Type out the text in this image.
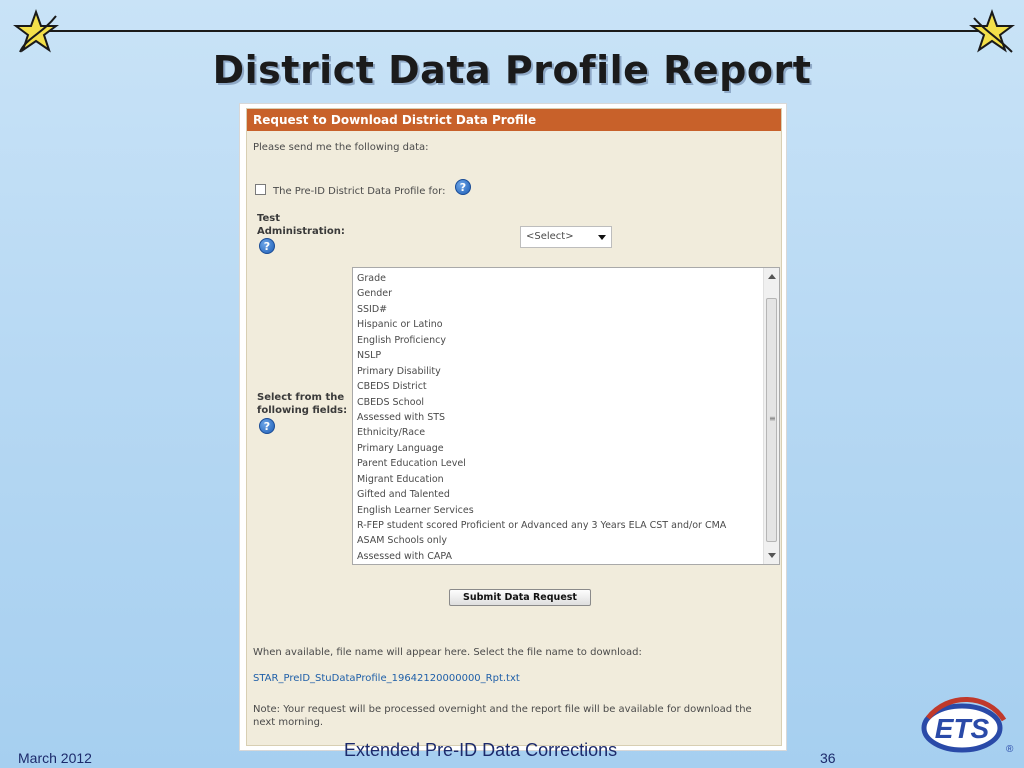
District Data Profile Report
Request to Download District Data Profile
Please send me the following data:
The Pre-ID District Data Profile for:	?
Test
Administration:
?
<Select>
Select from the
following fields:
?
Grade
Gender
SSID#
Hispanic or Latino
English Proficiency
NSLP
Primary Disability
CBEDS District
CBEDS School
Assessed with STS
Ethnicity/Race
Primary Language
Parent Education Level
Migrant Education
Gifted and Talented
English Learner Services
R-FEP student scored Proficient or Advanced any 3 Years ELA CST and/or CMA
ASAM Schools only
Assessed with CAPA
≡
Submit Data Request
When available, file name will appear here. Select the file name to download:
STAR_PreID_StuDataProfile_19642120000000_Rpt.txt
Note: Your request will be processed overnight and the report file will be available for download the
next morning.
March 2012	Extended Pre-ID Data Corrections	36
ETS
®
